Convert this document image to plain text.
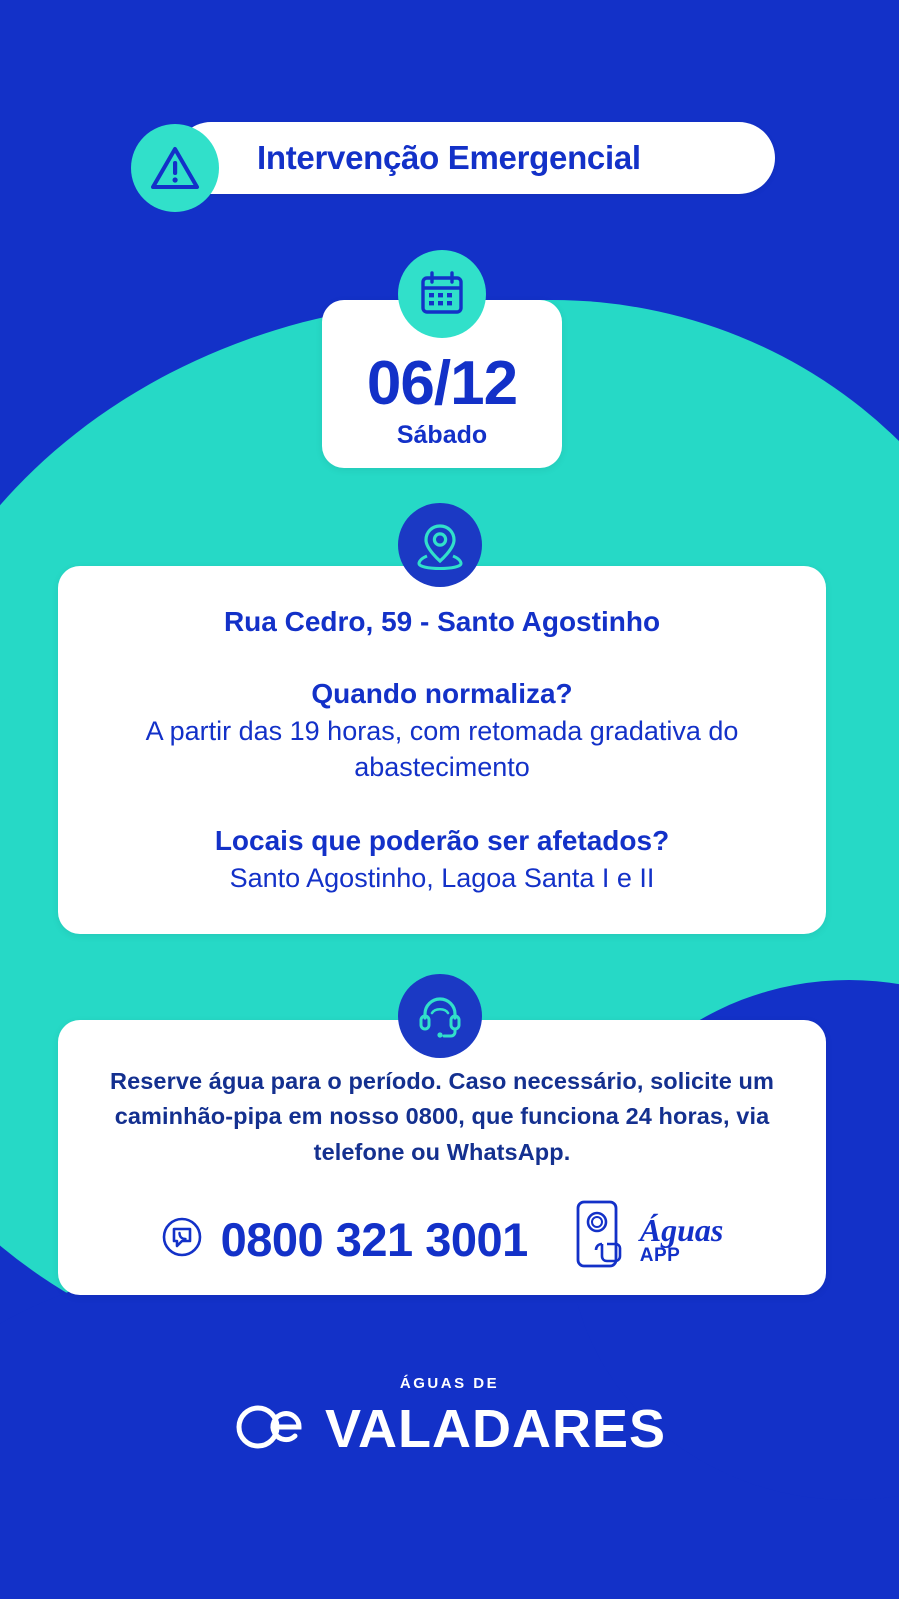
Intervenção Emergencial
06/12
Sábado
Rua Cedro, 59 - Santo Agostinho
Quando normaliza?
A partir das 19 horas, com retomada gradativa do abastecimento
Locais que poderão ser afetados?
Santo Agostinho, Lagoa Santa I e II
Reserve água para o período. Caso necessário, solicite um caminhão-pipa em nosso 0800, que funciona 24 horas, via telefone ou WhatsApp.
0800 321 3001	Águas
APP
ÁGUAS DE
VALADARES
